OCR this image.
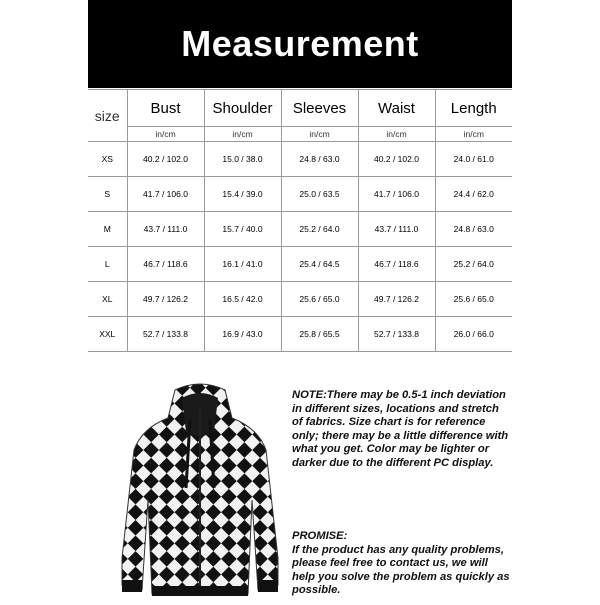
Measurement
size	Bust	Shoulder	Sleeves	Waist	Length
	in/cm	in/cm	in/cm	in/cm	in/cm
XS	40.2 / 102.0	15.0 / 38.0	24.8 / 63.0	40.2 / 102.0	24.0 / 61.0
S	41.7 / 106.0	15.4 / 39.0	25.0 / 63.5	41.7 / 106.0	24.4 / 62.0
M	43.7 / 111.0	15.7 / 40.0	25.2 / 64.0	43.7 / 111.0	24.8 / 63.0
L	46.7 / 118.6	16.1 / 41.0	25.4 / 64.5	46.7 / 118.6	25.2 / 64.0
XL	49.7 / 126.2	16.5 / 42.0	25.6 / 65.0	49.7 / 126.2	25.6 / 65.0
XXL	52.7 / 133.8	16.9 / 43.0	25.8 / 65.5	52.7 / 133.8	26.0 / 66.0
NOTE:There may be 0.5-1 inch deviation in different sizes, locations and stretch of fabrics. Size chart is for reference only; there may be a little difference with what you get. Color may be lighter or darker due to the different PC display.
PROMISE:
If the product has any quality problems, please feel free to contact us, we will help you solve the problem as quickly as possible.
